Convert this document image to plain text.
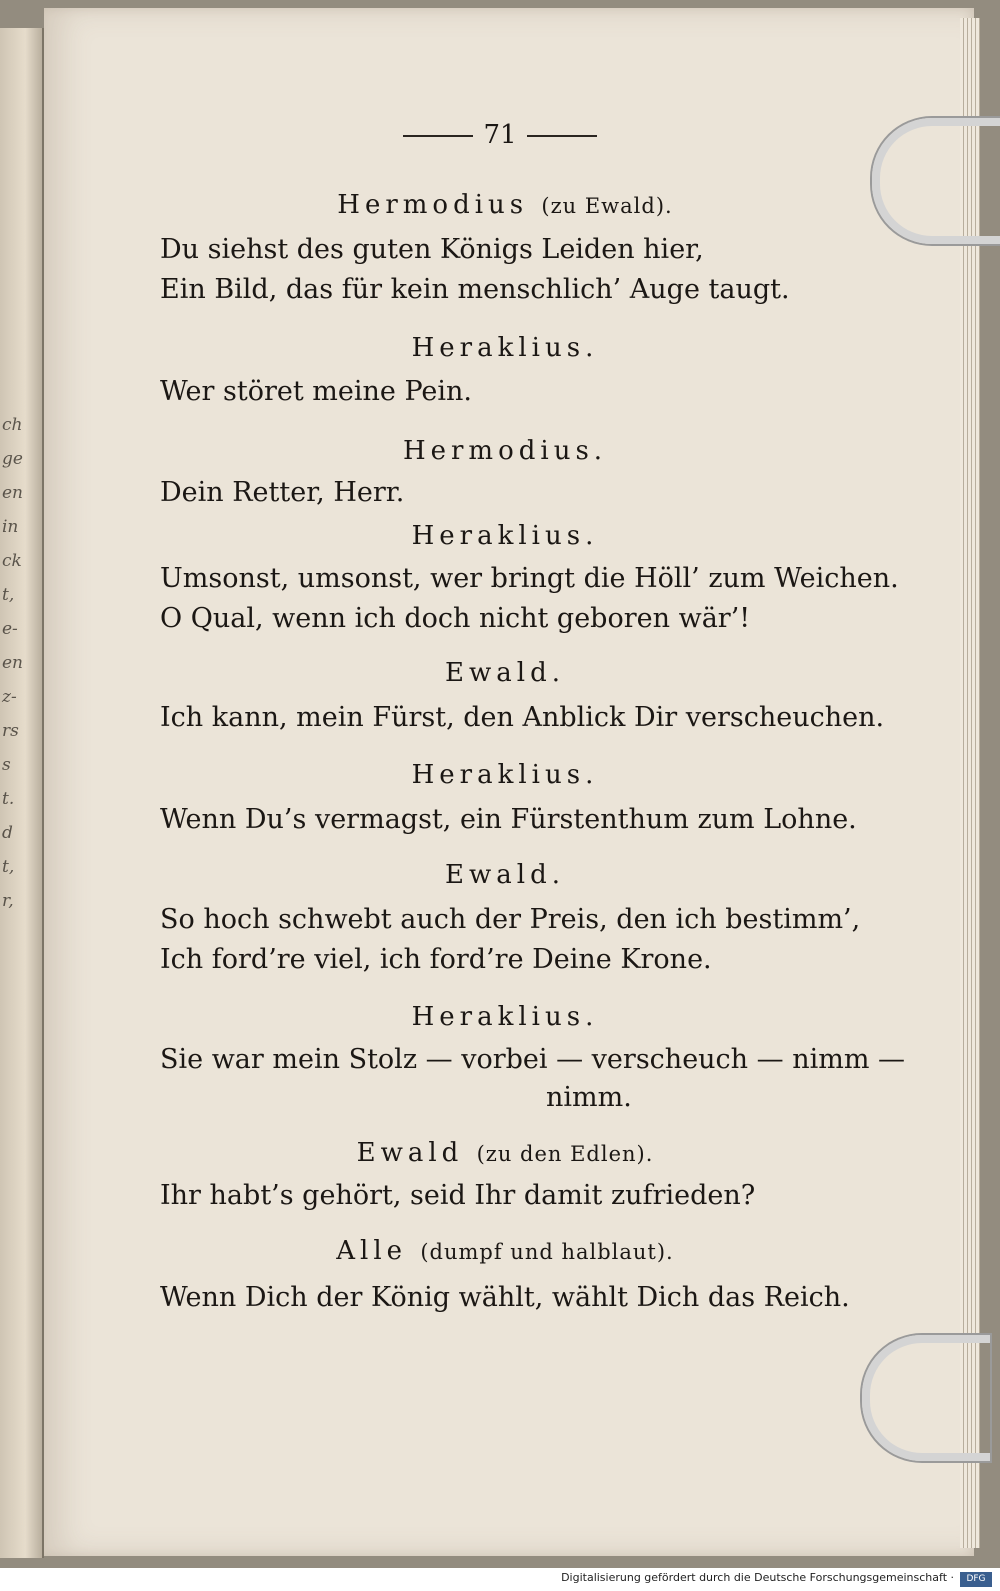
ch
ge
en
in
ck
t,
e-
en
z-
rs
s
t.
d
t,
r,
71
Hermodius (zu Ewald).
Du siehst des guten Königs Leiden hier,
Ein Bild, das für kein menschlich’ Auge taugt.
Heraklius.
Wer störet meine Pein.
Hermodius.
Dein Retter, Herr.
Heraklius.
Umsonst, umsonst, wer bringt die Höll’ zum Weichen.
O Qual, wenn ich doch nicht geboren wär’!
Ewald.
Ich kann, mein Fürst, den Anblick Dir verscheuchen.
Heraklius.
Wenn Du’s vermagst, ein Fürstenthum zum Lohne.
Ewald.
So hoch schwebt auch der Preis, den ich bestimm’,
Ich ford’re viel, ich ford’re Deine Krone.
Heraklius.
Sie war mein Stolz — vorbei — verscheuch — nimm —
nimm.
Ewald (zu den Edlen).
Ihr habt’s gehört, seid Ihr damit zufrieden?
Alle (dumpf und halblaut).
Wenn Dich der König wählt, wählt Dich das Reich.
Digitalisierung gefördert durch die Deutsche Forschungsgemeinschaft ·	DFG
